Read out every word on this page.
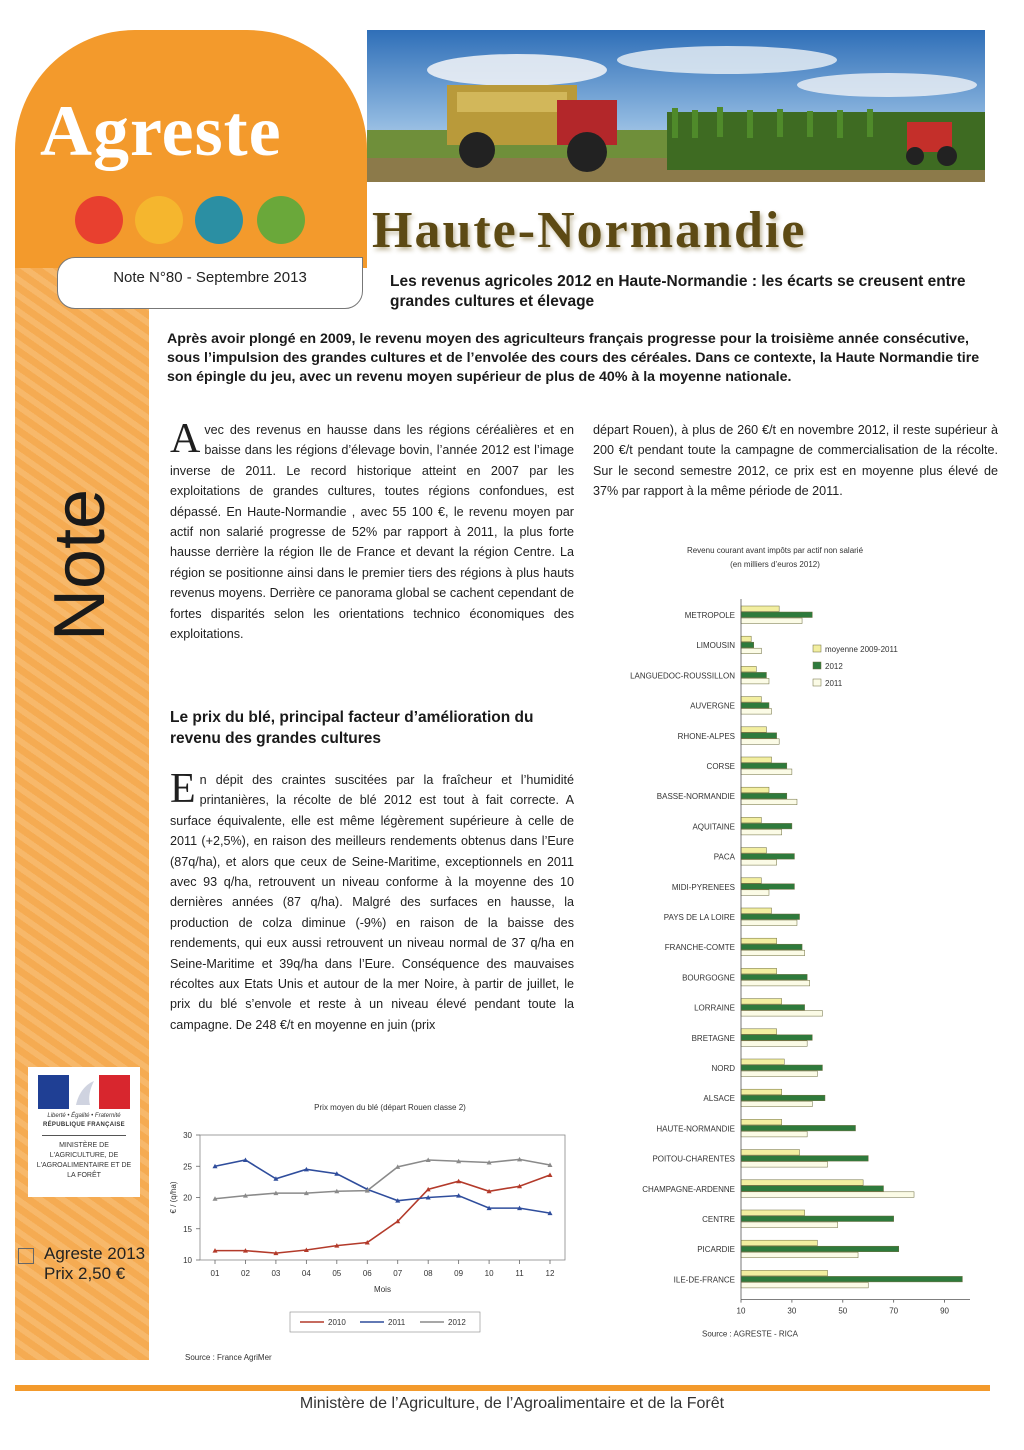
Agreste
Note N°80 - Septembre 2013
Note
Haute-Normandie
Les revenus agricoles 2012 en Haute-Normandie : les écarts se creusent entre grandes cultures et élevage
Après avoir plongé en 2009, le revenu moyen des agriculteurs français progresse pour la troisième année consécutive, sous l’impulsion des grandes cultures et de l’envolée des cours des céréales. Dans ce contexte, la Haute Normandie tire son épingle du jeu, avec un revenu moyen supérieur de plus de 40% à la moyenne nationale.
Avec des revenus en hausse dans les régions céréalières et en baisse dans les régions d’élevage bovin, l’année 2012 est l’image inverse de 2011. Le record historique atteint en 2007 par les exploitations de grandes cultures, toutes régions confondues, est dépassé. En Haute-Normandie , avec 55 100 €, le revenu moyen par actif non salarié progresse de 52% par rapport à 2011, la plus forte hausse derrière la région Ile de France et devant la région Centre. La région se positionne ainsi dans le premier tiers des régions à plus hauts revenus moyens. Derrière ce panorama global se cachent cependant de fortes disparités selon les orientations technico économiques des exploitations.
Le prix du blé, principal facteur d’amélioration du revenu des grandes cultures
En dépit des craintes suscitées par la fraîcheur et l’humidité printanières, la récolte de blé 2012 est tout à fait correcte. A surface équivalente, elle est même légèrement supérieure à celle de 2011 (+2,5%), en raison des meilleurs rendements obtenus dans l’Eure (87q/ha), et alors que ceux de Seine-Maritime, exceptionnels en 2011 avec 93 q/ha, retrouvent un niveau conforme à la moyenne des 10 dernières années (87 q/ha). Malgré des surfaces en hausse, la production de colza diminue (-9%) en raison de la baisse des rendements, qui eux aussi retrouvent un niveau normal de 37 q/ha en Seine-Maritime et 39q/ha dans l’Eure. Conséquence des mauvaises récoltes aux Etats Unis et autour de la mer Noire, à partir de juillet, le prix du blé s’envole et reste à un niveau élevé pendant toute la campagne. De 248 €/t en moyenne en juin (prix
départ Rouen), à plus de 260 €/t en novembre 2012, il reste supérieur à 200 €/t pendant toute la campagne de commercialisation de la récolte. Sur le second semestre 2012, ce prix est en moyenne plus élevé de 37% par rapport à la même période de 2011.
Prix moyen du blé (départ Rouen classe 2)
10
15
20
25
30
01	02	03	04	05	06	07	08	09	10	11	12
€ / (q/ha)
Mois
2010	2011	2012
Source : France AgriMer
Revenu courant avant impôts par actif non salarié
(en milliers d’euros 2012)
METROPOLE
LIMOUSIN
LANGUEDOC-ROUSSILLON
AUVERGNE
RHONE-ALPES
CORSE
BASSE-NORMANDIE
AQUITAINE
PACA
MIDI-PYRENEES
PAYS DE LA LOIRE
FRANCHE-COMTE
BOURGOGNE
LORRAINE
BRETAGNE
NORD
ALSACE
HAUTE-NORMANDIE
POITOU-CHARENTES
CHAMPAGNE-ARDENNE
CENTRE
PICARDIE
ILE-DE-FRANCE
10	30	50	70	90
moyenne 2009-2011
2012
2011
Source : AGRESTE - RICA
Liberté • Égalité • Fraternité
RÉPUBLIQUE FRANÇAISE
MINISTÈRE DE L'AGRICULTURE, DE L'AGROALIMENTAIRE ET DE LA FORÊT
Agreste 2013
Prix 2,50 €
Ministère de l’Agriculture, de l’Agroalimentaire et de la Forêt
